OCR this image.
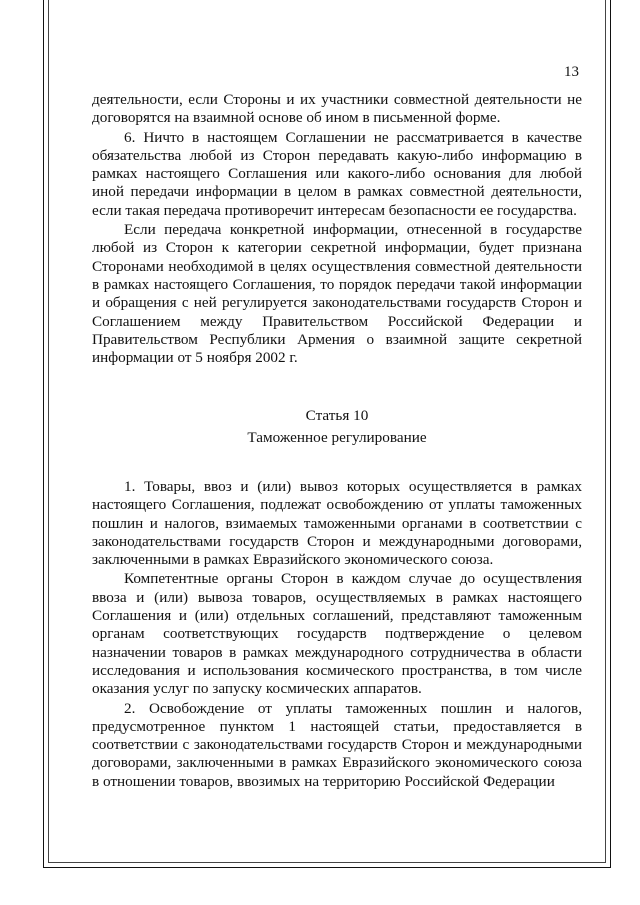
13

деятельности, если Стороны и их участники совместной деятельности не договорятся на взаимной основе об ином в письменной форме.

6. Ничто в настоящем Соглашении не рассматривается в качестве обязательства любой из Сторон передавать какую-либо информацию в рамках настоящего Соглашения или какого-либо основания для любой иной передачи информации в целом в рамках совместной деятельности, если такая передача противоречит интересам безопасности ее государства.

Если передача конкретной информации, отнесенной в государстве любой из Сторон к категории секретной информации, будет признана Сторонами необходимой в целях осуществления совместной деятельности в рамках настоящего Соглашения, то порядок передачи такой информации и обращения с ней регулируется законодательствами государств Сторон и Соглашением между Правительством Российской Федерации и Правительством Республики Армения о взаимной защите секретной информации от 5 ноября 2002 г.

Статья 10
Таможенное регулирование

1. Товары, ввоз и (или) вывоз которых осуществляется в рамках настоящего Соглашения, подлежат освобождению от уплаты таможенных пошлин и налогов, взимаемых таможенными органами в соответствии с законодательствами государств Сторон и международными договорами, заключенными в рамках Евразийского экономического союза.

Компетентные органы Сторон в каждом случае до осуществления ввоза и (или) вывоза товаров, осуществляемых в рамках настоящего Соглашения и (или) отдельных соглашений, представляют таможенным органам соответствующих государств подтверждение о целевом назначении товаров в рамках международного сотрудничества в области исследования и использования космического пространства, в том числе оказания услуг по запуску космических аппаратов.

2. Освобождение от уплаты таможенных пошлин и налогов, предусмотренное пунктом 1 настоящей статьи, предоставляется в соответствии с законодательствами государств Сторон и международными договорами, заключенными в рамках Евразийского экономического союза в отношении товаров, ввозимых на территорию Российской Федерации
